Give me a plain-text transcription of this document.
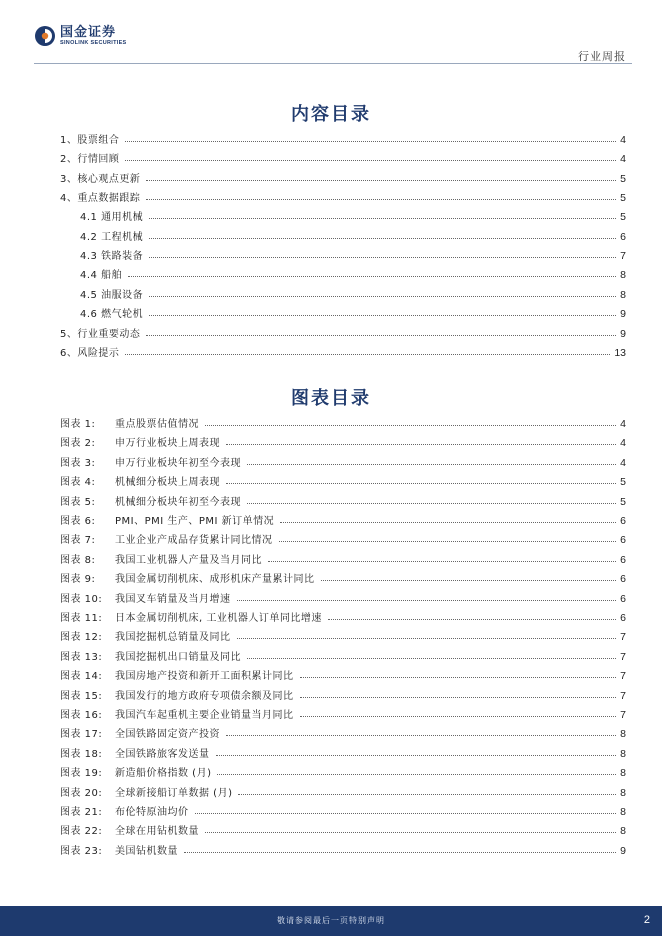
国金证券
SINOLINK SECURITIES
行业周报
内容目录
1、股票组合	4
2、行情回顾	4
3、核心观点更新	5
4、重点数据跟踪	5
4.1 通用机械	5
4.2 工程机械	6
4.3 铁路装备	7
4.4 船舶	8
4.5 油服设备	8
4.6 燃气轮机	9
5、行业重要动态	9
6、风险提示	13
图表目录
图表 1: 重点股票估值情况	4
图表 2: 申万行业板块上周表现	4
图表 3: 申万行业板块年初至今表现	4
图表 4: 机械细分板块上周表现	5
图表 5: 机械细分板块年初至今表现	5
图表 6: PMI、PMI 生产、PMI 新订单情况	6
图表 7: 工业企业产成品存货累计同比情况	6
图表 8: 我国工业机器人产量及当月同比	6
图表 9: 我国金属切削机床、成形机床产量累计同比	6
图表 10: 我国叉车销量及当月增速	6
图表 11: 日本金属切削机床, 工业机器人订单同比增速	6
图表 12: 我国挖掘机总销量及同比	7
图表 13: 我国挖掘机出口销量及同比	7
图表 14: 我国房地产投资和新开工面积累计同比	7
图表 15: 我国发行的地方政府专项债余额及同比	7
图表 16: 我国汽车起重机主要企业销量当月同比	7
图表 17: 全国铁路固定资产投资	8
图表 18: 全国铁路旅客发送量	8
图表 19: 新造船价格指数 (月)	8
图表 20: 全球新接船订单数据 (月)	8
图表 21: 布伦特原油均价	8
图表 22: 全球在用钻机数量	8
图表 23: 美国钻机数量	9
敬请参阅最后一页特别声明	2
